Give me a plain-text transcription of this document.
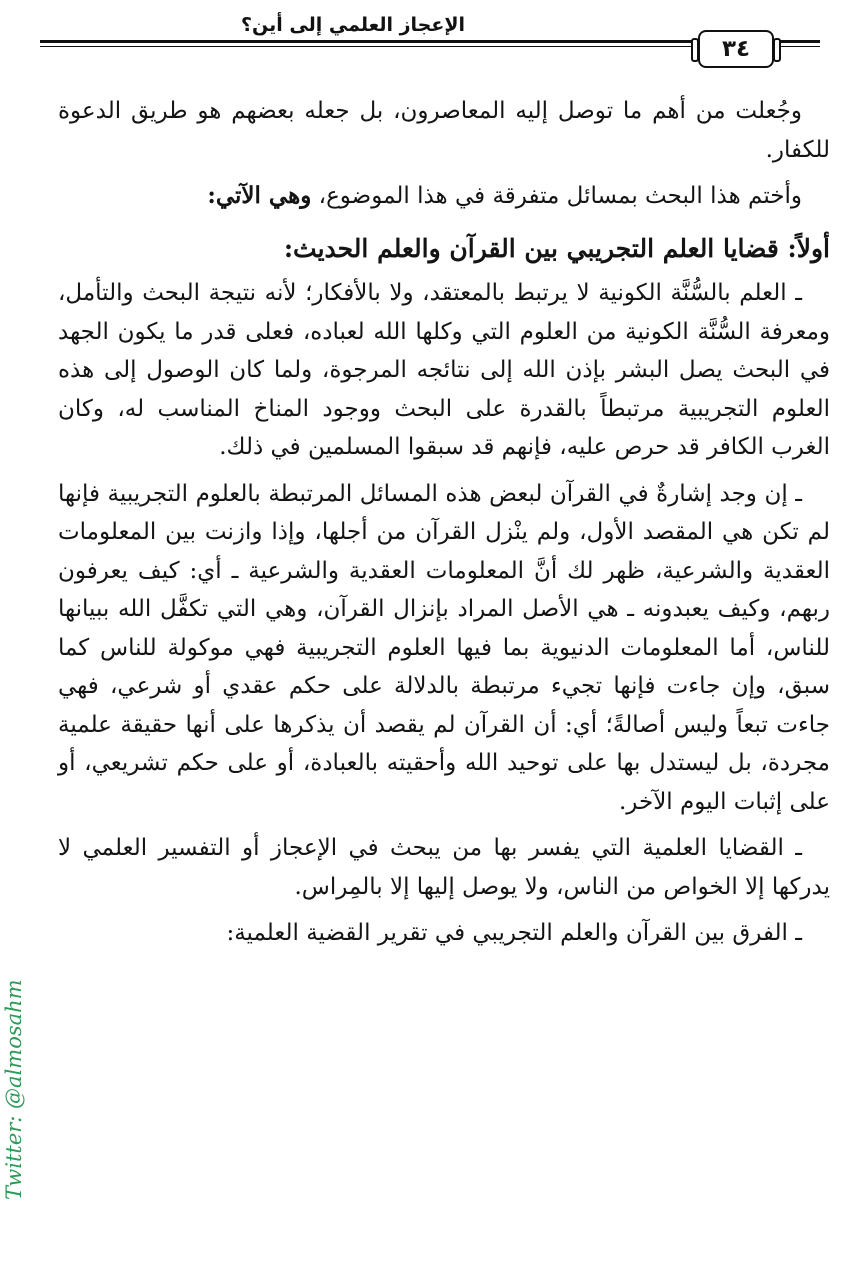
الإعجاز العلمي إلى أين؟
٣٤

وجُعلت من أهم ما توصل إليه المعاصرون، بل جعله بعضهم هو طريق الدعوة للكفار.

وأختم هذا البحث بمسائل متفرقة في هذا الموضوع، وهي الآتي:

أولاً: قضايا العلم التجريبي بين القرآن والعلم الحديث:

ـ العلم بالسُّنَّة الكونية لا يرتبط بالمعتقد، ولا بالأفكار؛ لأنه نتيجة البحث والتأمل، ومعرفة السُّنَّة الكونية من العلوم التي وكلها الله لعباده، فعلى قدر ما يكون الجهد في البحث يصل البشر بإذن الله إلى نتائجه المرجوة، ولما كان الوصول إلى هذه العلوم التجريبية مرتبطاً بالقدرة على البحث ووجود المناخ المناسب له، وكان الغرب الكافر قد حرص عليه، فإنهم قد سبقوا المسلمين في ذلك.

ـ إن وجد إشارةٌ في القرآن لبعض هذه المسائل المرتبطة بالعلوم التجريبية فإنها لم تكن هي المقصد الأول، ولم ينْزل القرآن من أجلها، وإذا وازنت بين المعلومات العقدية والشرعية، ظهر لك أنَّ المعلومات العقدية والشرعية ـ أي: كيف يعرفون ربهم، وكيف يعبدونه ـ هي الأصل المراد بإنزال القرآن، وهي التي تكفَّل الله ببيانها للناس، أما المعلومات الدنيوية بما فيها العلوم التجريبية فهي موكولة للناس كما سبق، وإن جاءت فإنها تجيء مرتبطة بالدلالة على حكم عقدي أو شرعي، فهي جاءت تبعاً وليس أصالةً؛ أي: أن القرآن لم يقصد أن يذكرها على أنها حقيقة علمية مجردة، بل ليستدل بها على توحيد الله وأحقيته بالعبادة، أو على حكم تشريعي، أو على إثبات اليوم الآخر.

ـ القضايا العلمية التي يفسر بها من يبحث في الإعجاز أو التفسير العلمي لا يدركها إلا الخواص من الناس، ولا يوصل إليها إلا بالمِراس.

ـ الفرق بين القرآن والعلم التجريبي في تقرير القضية العلمية:

Twitter: @almosahm
